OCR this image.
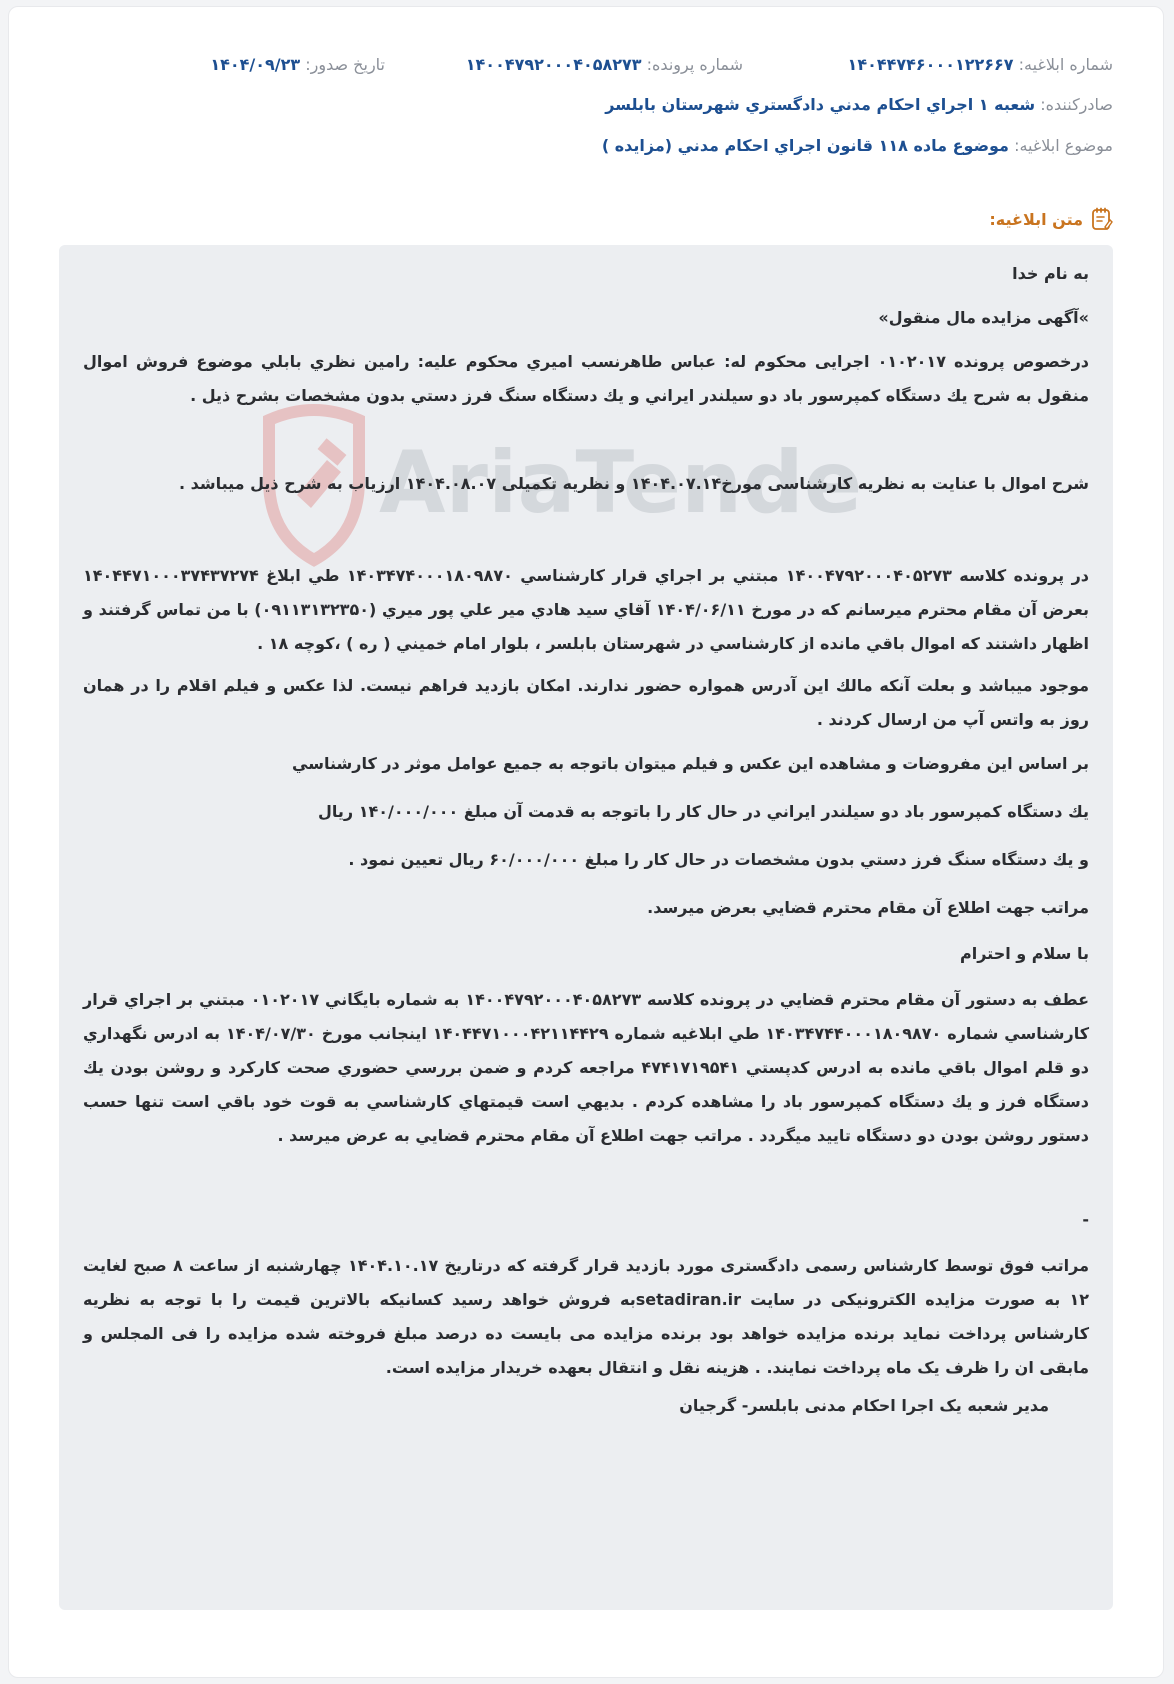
شماره ابلاغیه: ۱۴۰۴۴۷۴۶۰۰۰۱۲۲۶۶۷
شماره پرونده: ۱۴۰۰۴۷۹۲۰۰۰۴۰۵۸۲۷۳
تاریخ صدور: ۱۴۰۴/۰۹/۲۳
صادرکننده: شعبه ۱ اجراي احکام مدني دادگستري شهرستان بابلسر
موضوع ابلاغیه: موضوع ماده ۱۱۸ قانون اجراي احکام مدني (مزايده )
متن ابلاغیه:
AriaTende

به نام خدا

»آگهی مزایده مال منقول»

درخصوص پرونده ۰۱۰۲۰۱۷ اجرایی محکوم له: عباس طاهرنسب اميري محکوم عليه: رامين نظري بابلي موضوع فروش اموال منقول به شرح يك دستگاه کمپرسور باد دو سيلندر ايراني و يك دستگاه سنگ فرز دستي بدون مشخصات بشرح ذيل .

شرح اموال با عنایت به نظریه کارشناسی مورخ۱۴۰۴.۰۷.۱۴ و نظريه تکميلی ۱۴۰۴.۰۸.۰۷ ارزیاب به شرح ذیل میباشد .

در پرونده کلاسه ۱۴۰۰۴۷۹۲۰۰۰۴۰۵۲۷۳ مبتني بر اجراي قرار کارشناسي ۱۴۰۳۴۷۴۰۰۰۱۸۰۹۸۷۰ طي ابلاغ ۱۴۰۴۴۷۱۰۰۰۳۷۴۳۷۲۷۴ بعرض آن مقام محترم ميرسانم که در مورخ ۱۴۰۴/۰۶/۱۱ آقاي سيد هادي مير علي پور ميري (۰۹۱۱۳۱۳۲۳۵۰) با من تماس گرفتند و اظهار داشتند که اموال باقي مانده از کارشناسي در شهرستان بابلسر ، بلوار امام خميني ( ره ) ،کوچه ۱۸ .

موجود ميباشد و بعلت آنکه مالك اين آدرس همواره حضور ندارند. امکان بازديد فراهم نيست. لذا عکس و فيلم اقلام را در همان روز به واتس آپ من ارسال کردند .

بر اساس اين مفروضات و مشاهده اين عکس و فيلم ميتوان باتوجه به جميع عوامل موثر در کارشناسي

يك دستگاه کمپرسور باد دو سيلندر ايراني در حال کار را باتوجه به قدمت آن مبلغ ۱۴۰/۰۰۰/۰۰۰ ريال

و يك دستگاه سنگ فرز دستي بدون مشخصات در حال کار را مبلغ ۶۰/۰۰۰/۰۰۰ ريال تعيين نمود .

مراتب جهت اطلاع آن مقام محترم قضايي بعرض ميرسد.

با سلام و احترام

عطف به دستور آن مقام محترم قضايي در پرونده کلاسه ۱۴۰۰۴۷۹۲۰۰۰۴۰۵۸۲۷۳ به شماره بايگاني ۰۱۰۲۰۱۷ مبتني بر اجراي قرار کارشناسي شماره ۱۴۰۳۴۷۴۴۰۰۰۱۸۰۹۸۷۰ طي ابلاغيه شماره ۱۴۰۴۴۷۱۰۰۰۴۲۱۱۴۴۲۹ اينجانب مورخ ۱۴۰۴/۰۷/۳۰ به ادرس نگهداري دو قلم اموال باقي مانده به ادرس کدپستي ۴۷۴۱۷۱۹۵۴۱ مراجعه کردم و ضمن بررسي حضوري صحت کارکرد و روشن بودن يك دستگاه فرز و يك دستگاه کمپرسور باد را مشاهده کردم . بديهي است قيمتهاي کارشناسي به قوت خود باقي است تنها حسب دستور روشن بودن دو دستگاه تاييد ميگردد . مراتب جهت اطلاع آن مقام محترم قضايي به عرض ميرسد .

-

مراتب فوق توسط کارشناس رسمی دادگستری مورد بازدید قرار گرفته که درتاریخ ۱۴۰۴.۱۰.۱۷ چهارشنبه از ساعت ۸ صبح لغایت ۱۲ به صورت مزایده الکترونیکی در سایت setadiran.irبه فروش خواهد رسید کسانیکه بالاترین قیمت را با توجه به نظریه کارشناس پرداخت نماید برنده مزایده خواهد بود برنده مزایده می بایست ده درصد مبلغ فروخته شده مزایده را فی المجلس و مابقی ان را ظرف یک ماه پرداخت نمایند. . هزینه نقل و انتقال بعهده خریدار مزایده است.

مدیر شعبه یک اجرا احکام مدنی بابلسر- گرجیان
